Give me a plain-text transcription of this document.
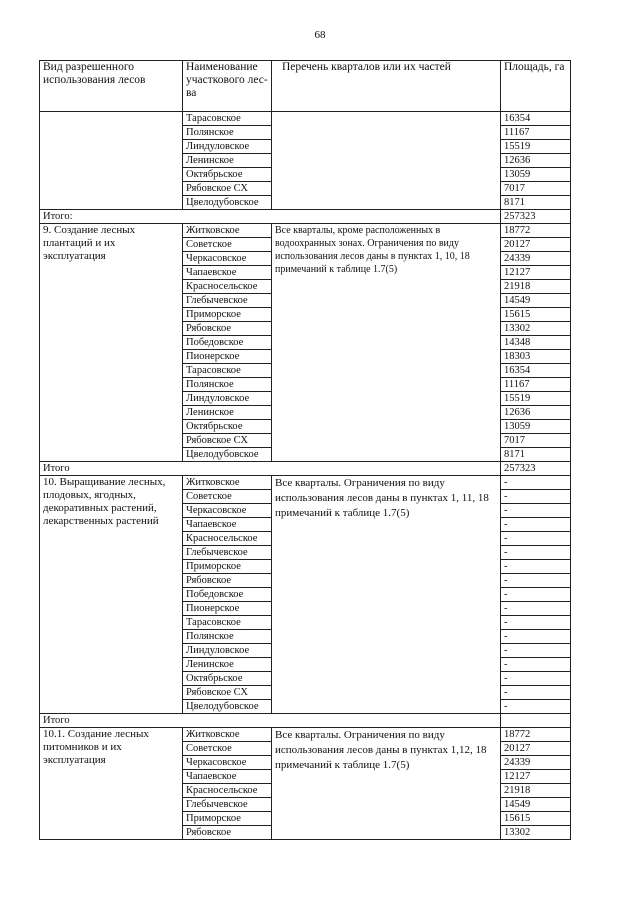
68
Вид разрешенного использования лесов	Наименование участкового лес-ва	Перечень кварталов или их частей	Площадь, га
	Тарасовское		16354
	Полянское		11167
	Линдуловское		15519
	Ленинское		12636
	Октябрьское		13059
	Рябовское СХ		7017
	Цвелодубовское		8171
Итого:			257323
9. Создание лесных плантаций и их эксплуатация	Житковское	Все кварталы, кроме расположенных в водоохранных зонах. Ограничения по виду использования лесов даны в пунктах 1, 10, 18 примечаний к таблице 1.7(5)	18772
	Советское		20127
	Черкасовское		24339
	Чапаевское		12127
	Красносельское		21918
	Глебычевское		14549
	Приморское		15615
	Рябовское		13302
	Победовское		14348
	Пионерское		18303
	Тарасовское		16354
	Полянское		11167
	Линдуловское		15519
	Ленинское		12636
	Октябрьское		13059
	Рябовское СХ		7017
	Цвелодубовское		8171
Итого			257323
10. Выращивание лесных, плодовых, ягодных, декоративных растений, лекарственных растений	Житковское	Все кварталы. Ограничения по виду использования лесов даны в пунктах 1, 11, 18 примечаний к таблице 1.7(5)	-
	Советское		-
	Черкасовское		-
	Чапаевское		-
	Красносельское		-
	Глебычевское		-
	Приморское		-
	Рябовское		-
	Победовское		-
	Пионерское		-
	Тарасовское		-
	Полянское		-
	Линдуловское		-
	Ленинское		-
	Октябрьское		-
	Рябовское СХ		-
	Цвелодубовское		-
Итого			
10.1. Создание лесных питомников и их эксплуатация	Житковское	Все кварталы. Ограничения по виду использования лесов даны в пунктах 1,12, 18 примечаний к таблице 1.7(5)	18772
	Советское		20127
	Черкасовское		24339
	Чапаевское		12127
	Красносельское		21918
	Глебычевское		14549
	Приморское		15615
	Рябовское		13302
